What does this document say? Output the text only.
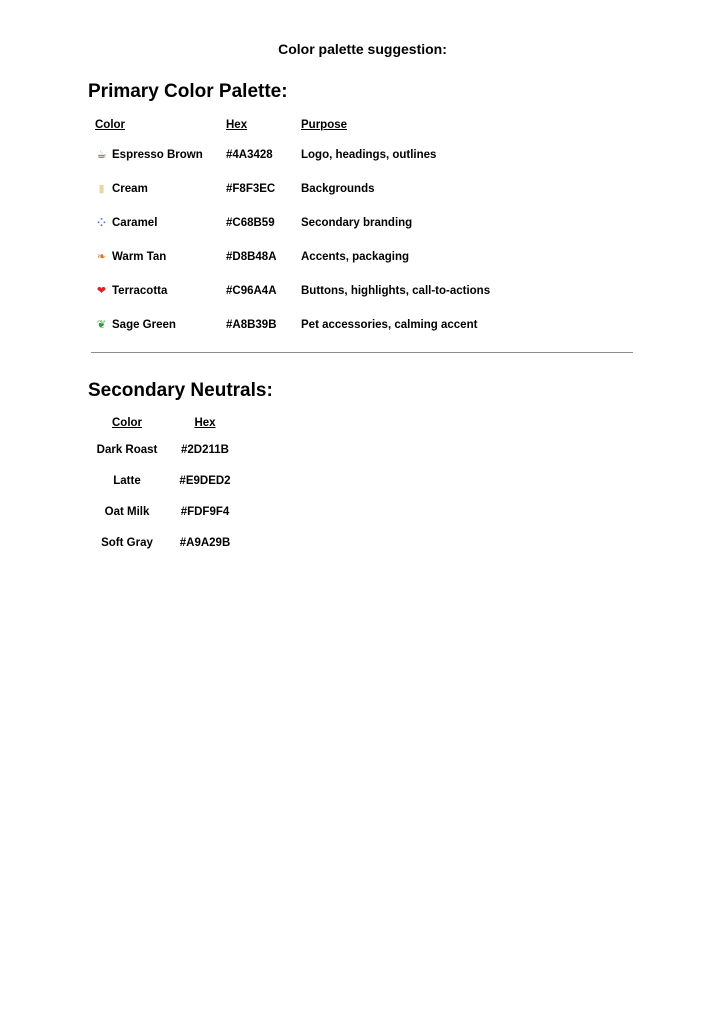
Color palette suggestion:
Primary Color Palette:
Color	Hex	Purpose
☕ Espresso Brown #4A3428	Logo, headings, outlines
▮ Cream	#F8F3EC	Backgrounds
⁘ Caramel	#C68B59	Secondary branding
❧ Warm Tan	#D8B48A	Accents, packaging
❤ Terracotta	#C96A4A	Buttons, highlights, call-to-actions
❦ Sage Green	#A8B39B	Pet accessories, calming accent
Secondary Neutrals:
Color	Hex
Dark Roast	#2D211B
Latte	#E9DED2
Oat Milk	#FDF9F4
Soft Gray	#A9A29B
